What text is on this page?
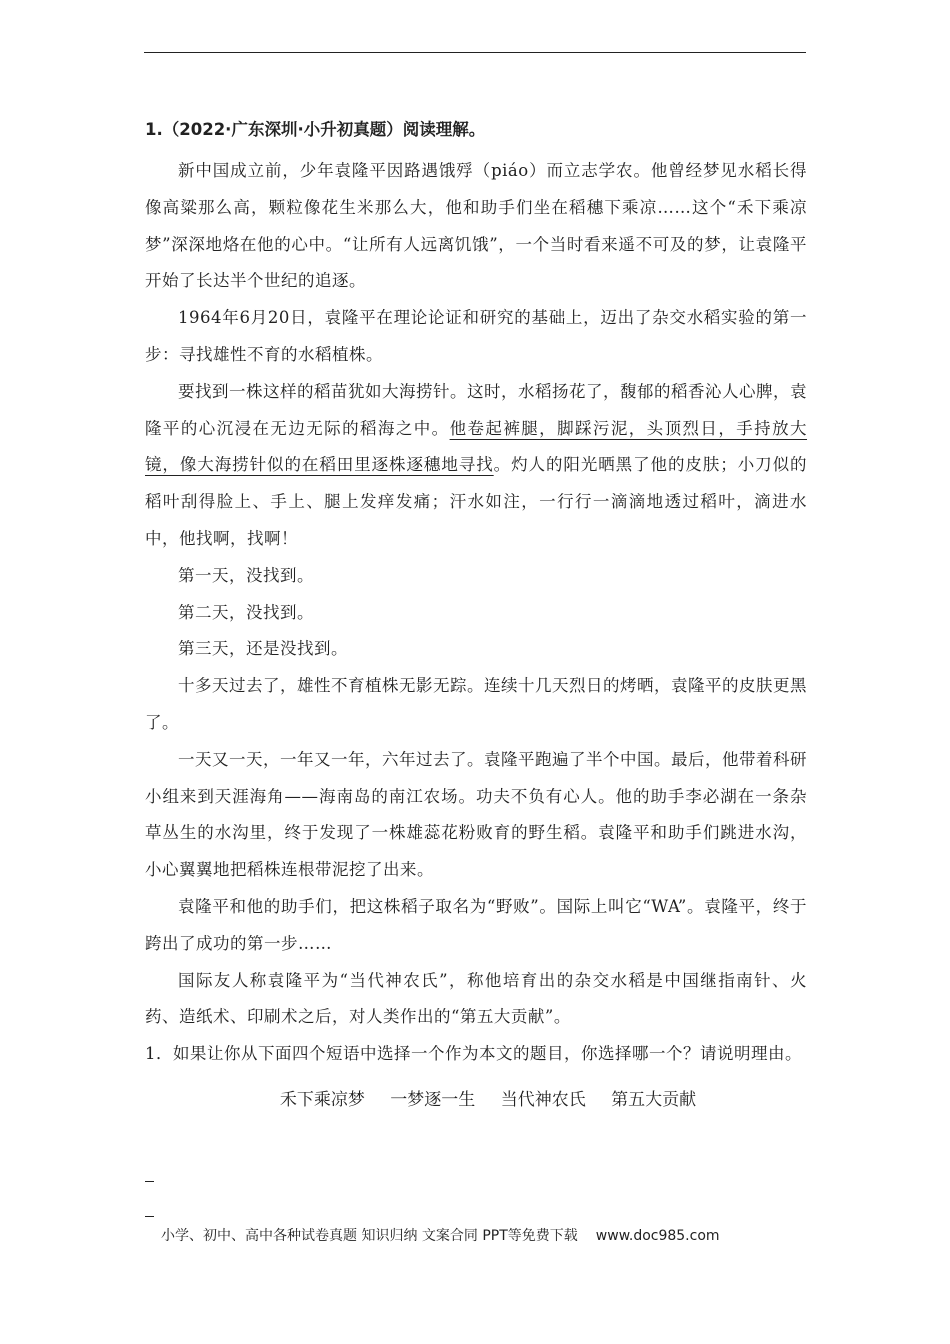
1.（2022·广东深圳·小升初真题）阅读理解。

新中国成立前，少年袁隆平因路遇饿殍（piáo）而立志学农。他曾经梦见水稻长得像高粱那么高，颗粒像花生米那么大，他和助手们坐在稻穗下乘凉……这个“禾下乘凉梦”深深地烙在他的心中。“让所有人远离饥饿”，一个当时看来遥不可及的梦，让袁隆平开始了长达半个世纪的追逐。

1964年6月20日，袁隆平在理论论证和研究的基础上，迈出了杂交水稻实验的第一步：寻找雄性不育的水稻植株。

要找到一株这样的稻苗犹如大海捞针。这时，水稻扬花了，馥郁的稻香沁人心脾，袁隆平的心沉浸在无边无际的稻海之中。他卷起裤腿，脚踩污泥，头顶烈日，手持放大镜，像大海捞针似的在稻田里逐株逐穗地寻找。灼人的阳光晒黑了他的皮肤；小刀似的稻叶刮得脸上、手上、腿上发痒发痛；汗水如注，一行行一滴滴地透过稻叶，滴进水中，他找啊，找啊！

第一天，没找到。

第二天，没找到。

第三天，还是没找到。

十多天过去了，雄性不育植株无影无踪。连续十几天烈日的烤晒，袁隆平的皮肤更黑了。

一天又一天，一年又一年，六年过去了。袁隆平跑遍了半个中国。最后，他带着科研小组来到天涯海角——海南岛的南江农场。功夫不负有心人。他的助手李必湖在一条杂草丛生的水沟里，终于发现了一株雄蕊花粉败育的野生稻。袁隆平和助手们跳进水沟，小心翼翼地把稻株连根带泥挖了出来。

袁隆平和他的助手们，把这株稻子取名为“野败”。国际上叫它“WA”。袁隆平，终于跨出了成功的第一步……

国际友人称袁隆平为“当代神农氏”，称他培育出的杂交水稻是中国继指南针、火药、造纸术、印刷术之后，对人类作出的“第五大贡献”。

1．如果让你从下面四个短语中选择一个作为本文的题目，你选择哪一个？请说明理由。

禾下乘凉梦 一梦逐一生 当代神农氏 第五大贡献

小学、初中、高中各种试卷真题 知识归纳 文案合同 PPT等免费下载 www.doc985.com
